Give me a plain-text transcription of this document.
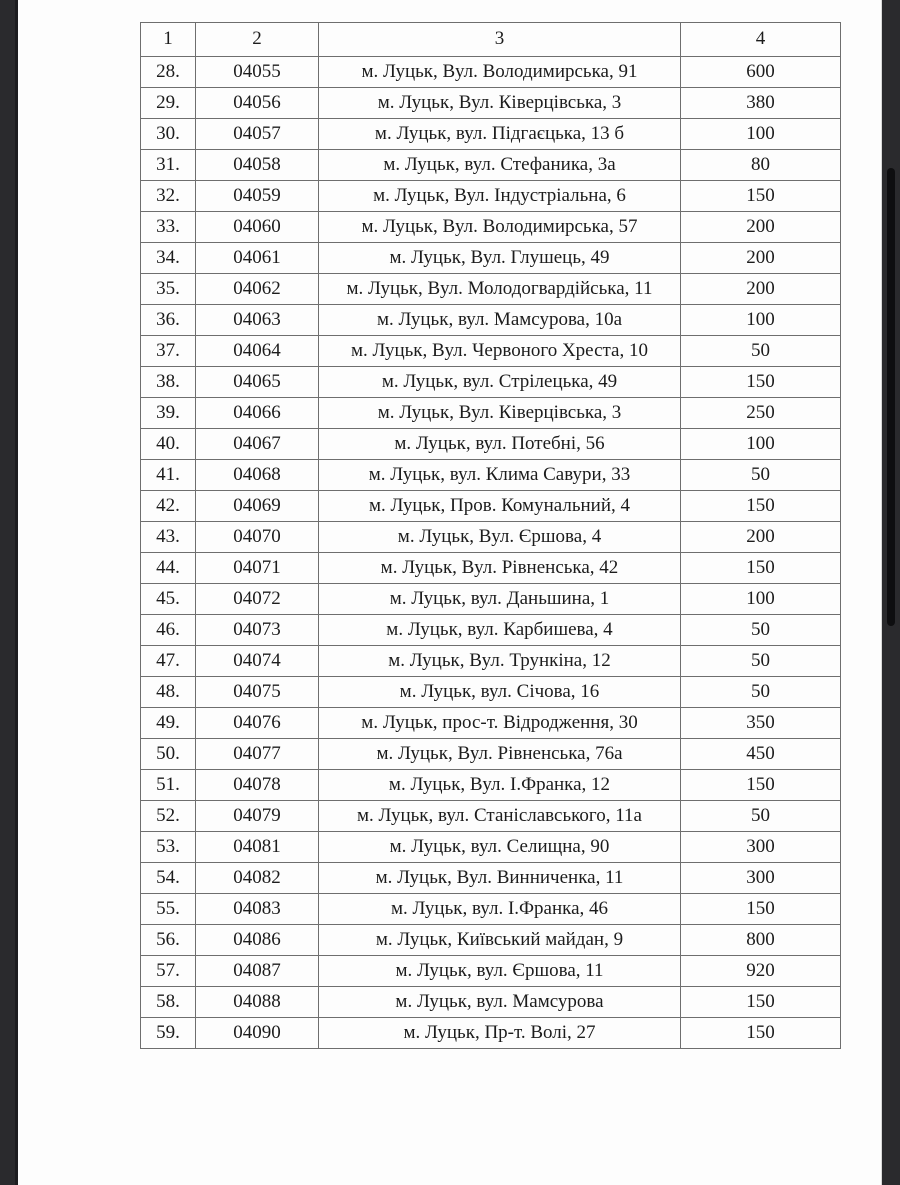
1	2	3	4
28.	04055	м. Луцьк, Вул. Володимирська, 91	600
29.	04056	м. Луцьк, Вул. Ківерцівська, 3	380
30.	04057	м. Луцьк, вул. Підгаєцька, 13 б	100
31.	04058	м. Луцьк, вул. Стефаника, 3а	80
32.	04059	м. Луцьк, Вул. Індустріальна, 6	150
33.	04060	м. Луцьк, Вул. Володимирська, 57	200
34.	04061	м. Луцьк, Вул. Глушець, 49	200
35.	04062	м. Луцьк, Вул. Молодогвардійська, 11	200
36.	04063	м. Луцьк, вул. Мамсурова, 10а	100
37.	04064	м. Луцьк, Вул. Червоного Хреста, 10	50
38.	04065	м. Луцьк, вул. Стрілецька, 49	150
39.	04066	м. Луцьк, Вул. Ківерцівська, 3	250
40.	04067	м. Луцьк, вул. Потебні, 56	100
41.	04068	м. Луцьк, вул. Клима Савури, 33	50
42.	04069	м. Луцьк, Пров. Комунальний, 4	150
43.	04070	м. Луцьк, Вул. Єршова, 4	200
44.	04071	м. Луцьк, Вул. Рівненська, 42	150
45.	04072	м. Луцьк, вул. Даньшина, 1	100
46.	04073	м. Луцьк, вул. Карбишева, 4	50
47.	04074	м. Луцьк, Вул. Трункіна, 12	50
48.	04075	м. Луцьк, вул. Січова, 16	50
49.	04076	м. Луцьк, прос-т. Відродження, 30	350
50.	04077	м. Луцьк, Вул. Рівненська, 76а	450
51.	04078	м. Луцьк, Вул. І.Франка, 12	150
52.	04079	м. Луцьк, вул. Станіславського, 11а	50
53.	04081	м. Луцьк, вул. Селищна, 90	300
54.	04082	м. Луцьк, Вул. Винниченка, 11	300
55.	04083	м. Луцьк, вул. І.Франка, 46	150
56.	04086	м. Луцьк, Київський майдан, 9	800
57.	04087	м. Луцьк, вул. Єршова, 11	920
58.	04088	м. Луцьк, вул. Мамсурова	150
59.	04090	м. Луцьк, Пр-т. Волі, 27	150
